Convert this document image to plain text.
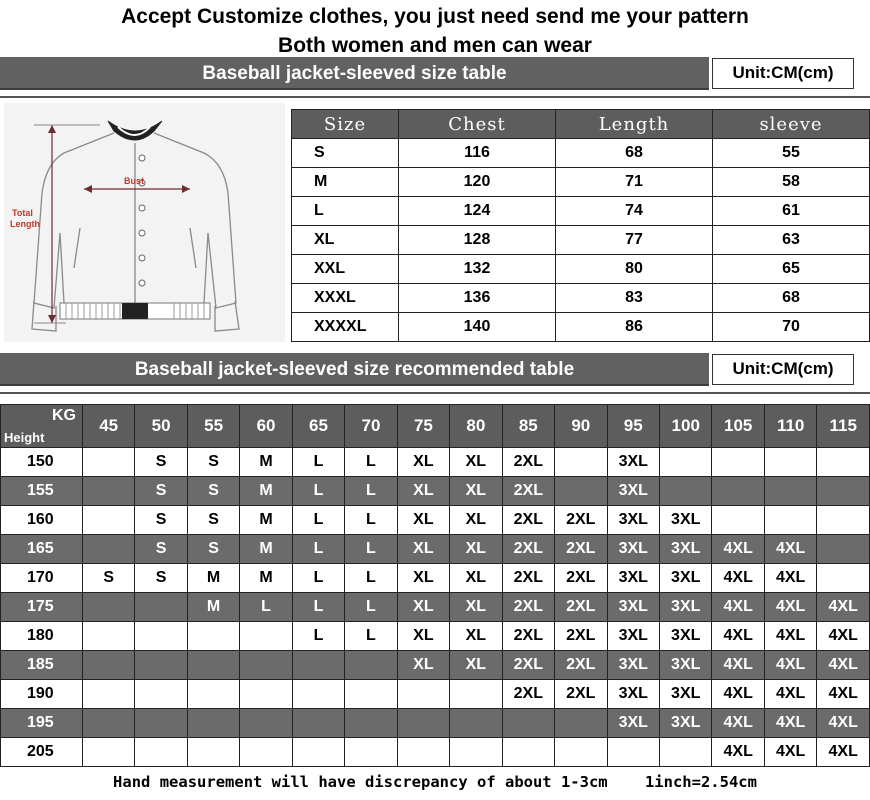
Accept Customize clothes, you just need send me your pattern
Both women and men can wear
Baseball jacket-sleeved size table	Unit:CM(cm)
Bust
Total
Length
Size	Chest	Length	sleeve
S	116	68	55
M	120	71	58
L	124	74	61
XL	128	77	63
XXL	132	80	65
XXXL	136	83	68
XXXXL	140	86	70
Baseball jacket-sleeved size recommended table	Unit:CM(cm)
KG
Height	45	50	55	60	65	70	75	80	85	90	95	100	105	110	115
150		S	S	M	L	L	XL	XL	2XL		3XL				
155		S	S	M	L	L	XL	XL	2XL		3XL				
160		S	S	M	L	L	XL	XL	2XL	2XL	3XL	3XL			
165		S	S	M	L	L	XL	XL	2XL	2XL	3XL	3XL	4XL	4XL	
170	S	S	M	M	L	L	XL	XL	2XL	2XL	3XL	3XL	4XL	4XL	
175			M	L	L	L	XL	XL	2XL	2XL	3XL	3XL	4XL	4XL	4XL
180					L	L	XL	XL	2XL	2XL	3XL	3XL	4XL	4XL	4XL
185							XL	XL	2XL	2XL	3XL	3XL	4XL	4XL	4XL
190									2XL	2XL	3XL	3XL	4XL	4XL	4XL
195											3XL	3XL	4XL	4XL	4XL
205													4XL	4XL	4XL
Hand measurement will have discrepancy of about 1-3cm 1inch=2.54cm
